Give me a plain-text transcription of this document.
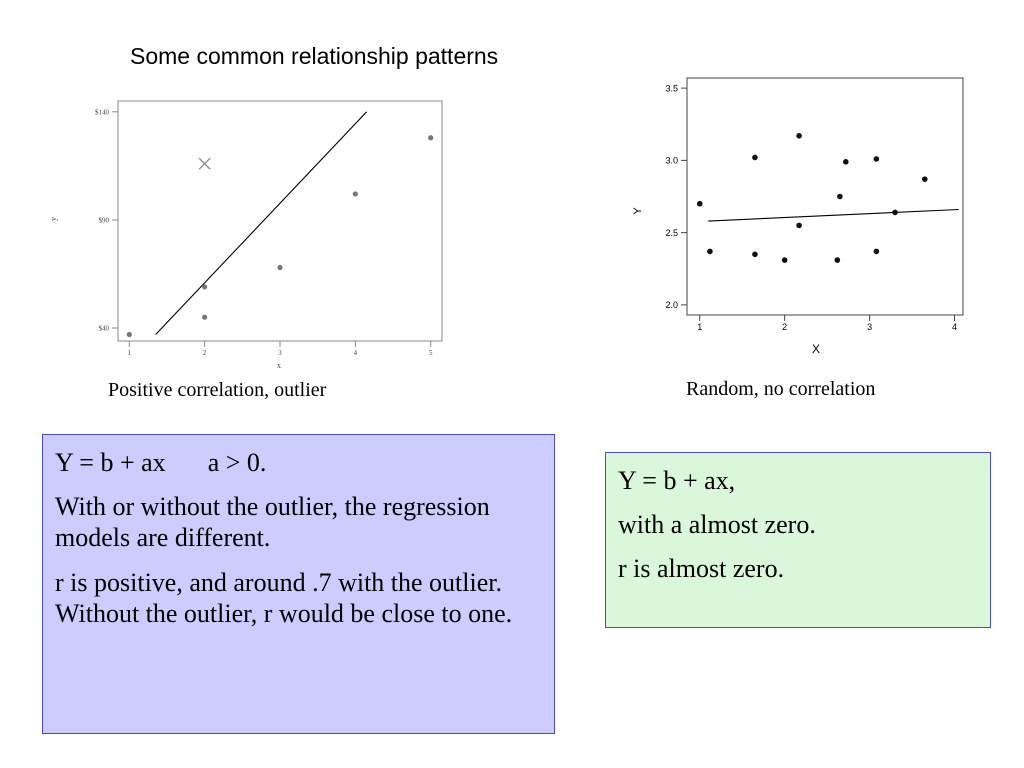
Some common relationship patterns
y
x
1	2	3	4	5
$40
$90
$140
Y
X
1	2	3	4
2.0
2.5
3.0
3.5
Positive correlation, outlier	Random, no correlation

Y = b + ax a > 0.

With or without the outlier, the regression models are different.

r is positive, and around .7 with the outlier. Without the outlier, r would be close to one.

Y = b + ax,

with a almost zero.

r is almost zero.
